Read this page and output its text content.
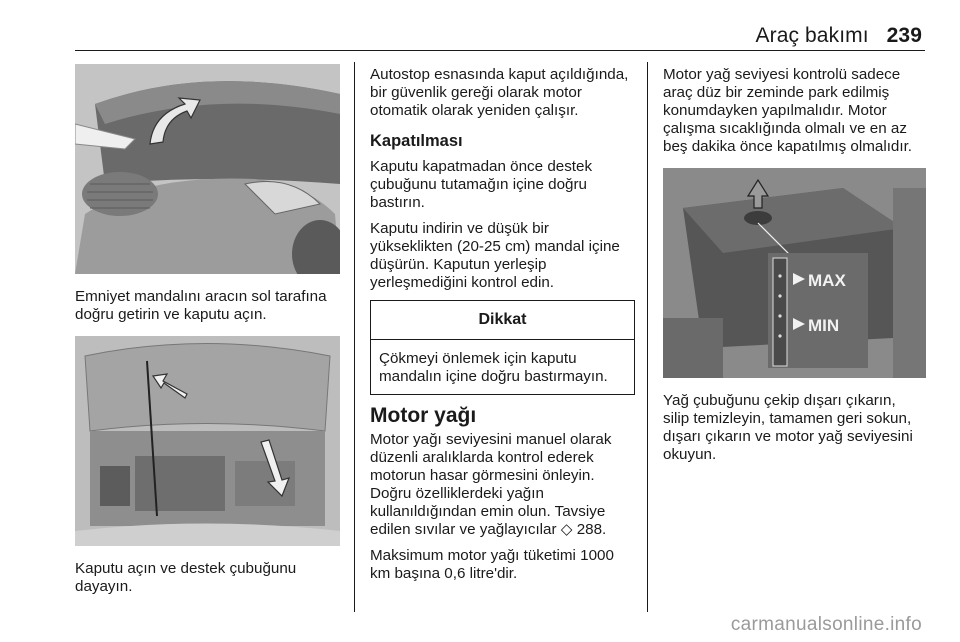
Araç bakımı 239

Emniyet mandalını aracın sol tarafına doğru getirin ve kaputu açın.

Kaputu açın ve destek çubuğunu dayayın.

Autostop esnasında kaput açıldığında, bir güvenlik gereği olarak motor otomatik olarak yeniden çalışır.

Kapatılması

Kaputu kapatmadan önce destek çubuğunu tutamağın içine doğru bastırın.

Kaputu indirin ve düşük bir yükseklikten (20-25 cm) mandal içine düşürün. Kaputun yerleşip yerleşmediğini kontrol edin.

Dikkat
Çökmeyi önlemek için kaputu mandalın içine doğru bastırmayın.
Motor yağı

Motor yağı seviyesini manuel olarak düzenli aralıklarda kontrol ederek motorun hasar görmesini önleyin. Doğru özelliklerdeki yağın kullanıldığından emin olun. Tavsiye edilen sıvılar ve yağlayıcılar ◇ 288.

Maksimum motor yağı tüketimi 1000 km başına 0,6 litre'dir.

Motor yağ seviyesi kontrolü sadece araç düz bir zeminde park edilmiş konumdayken yapılmalıdır. Motor çalışma sıcaklığında olmalı ve en az beş dakika önce kapatılmış olmalıdır.

MAX
MIN

Yağ çubuğunu çekip dışarı çıkarın, silip temizleyin, tamamen geri sokun, dışarı çıkarın ve motor yağ seviyesini okuyun.

carmanualsonline.info
